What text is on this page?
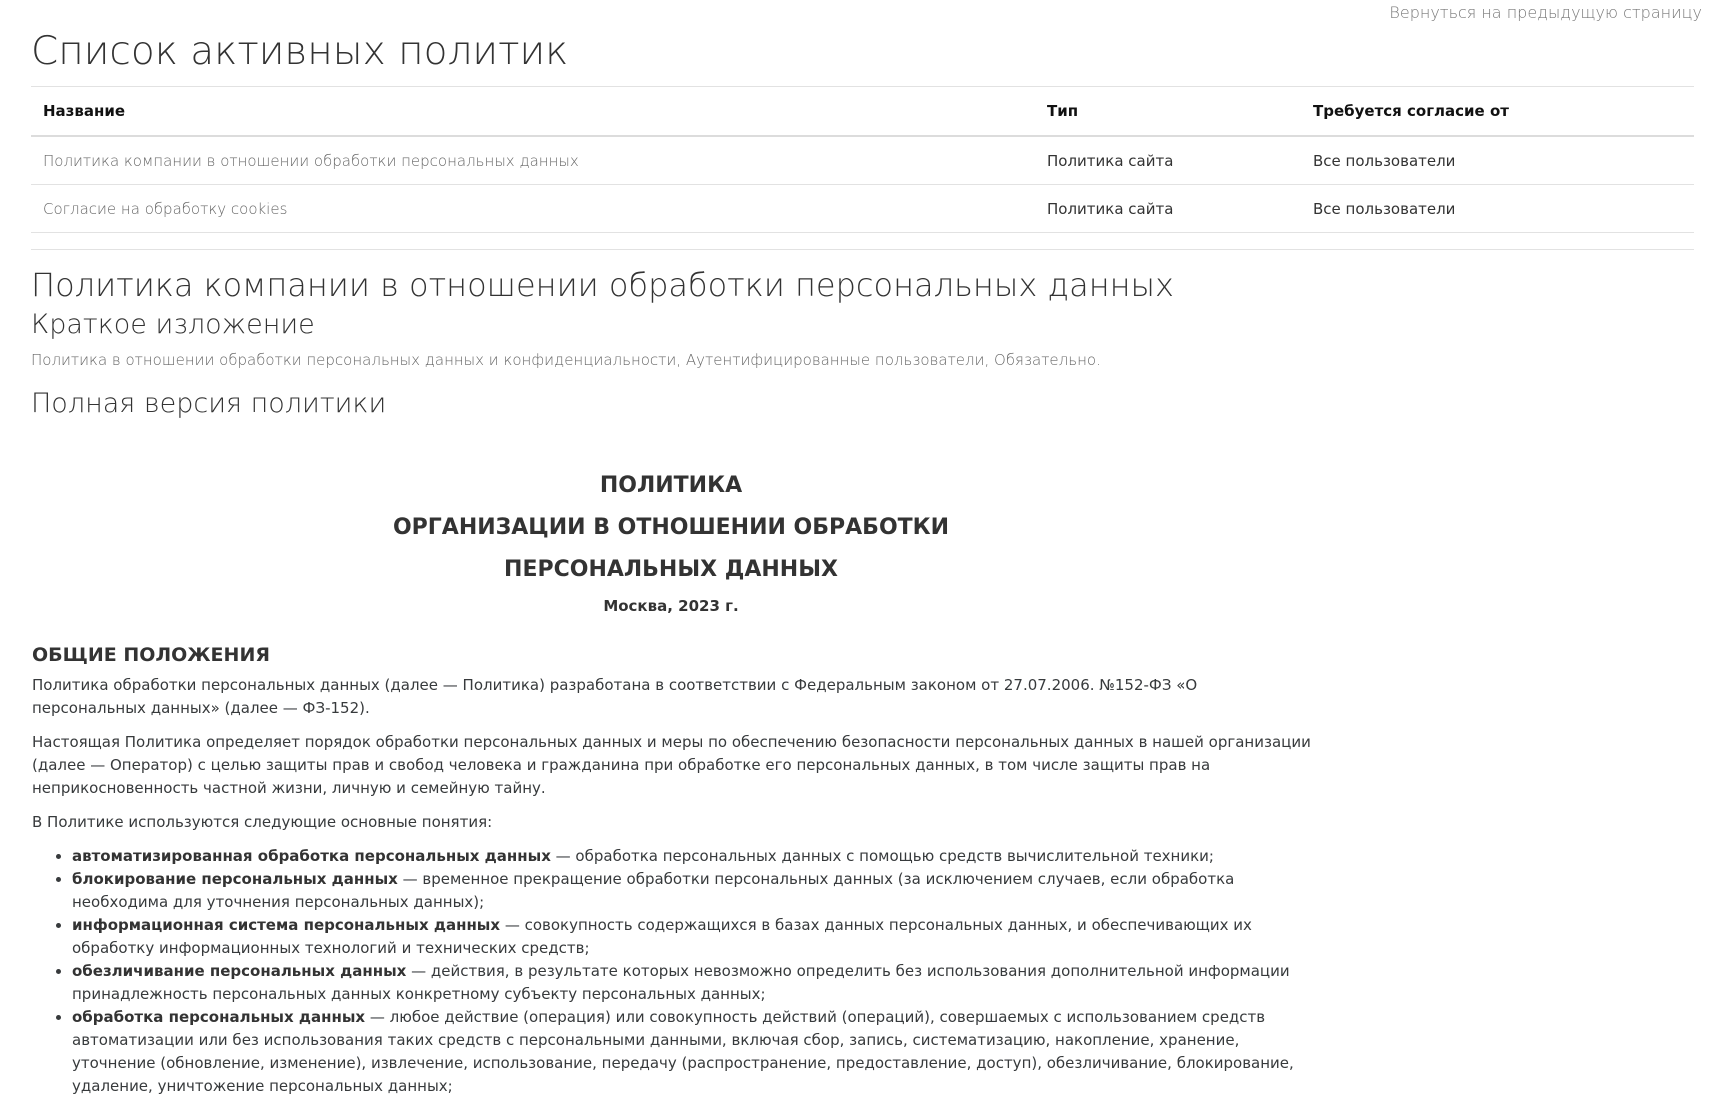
Вернуться на предыдущую страницу
Список активных политик
Название	Тип	Требуется согласие от
Политика компании в отношении обработки персональных данных	Политика сайта	Все пользователи
Согласие на обработку cookies	Политика сайта	Все пользователи
Политика компании в отношении обработки персональных данных
Краткое изложение

Политика в отношении обработки персональных данных и конфиденциальности, Аутентифицированные пользователи, Обязательно.

Полная версия политики

ПОЛИТИКА

ОРГАНИЗАЦИИ В ОТНОШЕНИИ ОБРАБОТКИ

ПЕРСОНАЛЬНЫХ ДАННЫХ

Москва, 2023 г.

ОБЩИЕ ПОЛОЖЕНИЯ

Политика обработки персональных данных (далее — Политика) разработана в соответствии с Федеральным законом от 27.07.2006. №152-ФЗ «О персональных данных» (далее — ФЗ-152).

Настоящая Политика определяет порядок обработки персональных данных и меры по обеспечению безопасности персональных данных в нашей организации (далее — Оператор) с целью защиты прав и свобод человека и гражданина при обработке его персональных данных, в том числе защиты прав на неприкосновенность частной жизни, личную и семейную тайну.

В Политике используются следующие основные понятия:

• автоматизированная обработка персональных данных — обработка персональных данных с помощью средств вычислительной техники;
• блокирование персональных данных — временное прекращение обработки персональных данных (за исключением случаев, если обработка необходима для уточнения персональных данных);
• информационная система персональных данных — совокупность содержащихся в базах данных персональных данных, и обеспечивающих их обработку информационных технологий и технических средств;
• обезличивание персональных данных — действия, в результате которых невозможно определить без использования дополнительной информации принадлежность персональных данных конкретному субъекту персональных данных;
• обработка персональных данных — любое действие (операция) или совокупность действий (операций), совершаемых с использованием средств автоматизации или без использования таких средств с персональными данными, включая сбор, запись, систематизацию, накопление, хранение, уточнение (обновление, изменение), извлечение, использование, передачу (распространение, предоставление, доступ), обезличивание, блокирование, удаление, уничтожение персональных данных;
